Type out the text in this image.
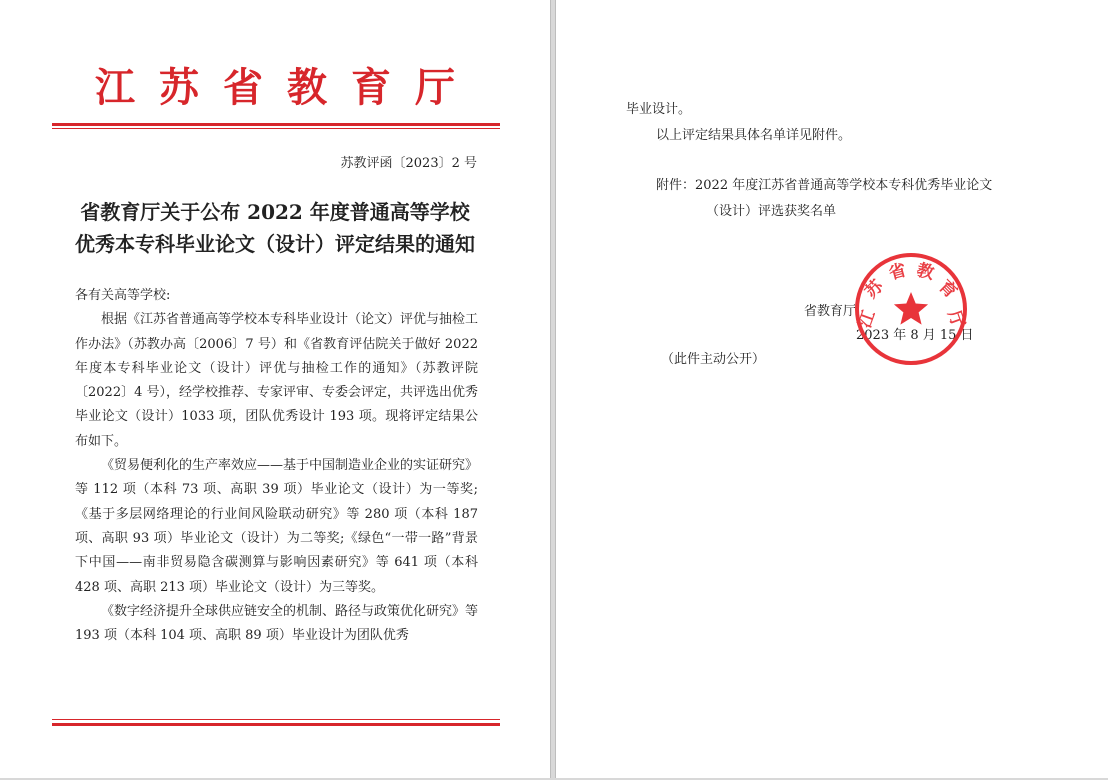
江苏省教育厅
苏教评函〔2023〕2 号
省教育厅关于公布 2022 年度普通高等学校
优秀本专科毕业论文（设计）评定结果的通知

各有关高等学校:

根据《江苏省普通高等学校本专科毕业设计（论文）评优与抽检工作办法》（苏教办高〔2006〕7 号）和《省教育评估院关于做好 2022 年度本专科毕业论文（设计）评优与抽检工作的通知》（苏教评院〔2022〕4 号），经学校推荐、专家评审、专委会评定，共评选出优秀毕业论文（设计）1033 项，团队优秀设计 193 项。现将评定结果公布如下。

《贸易便利化的生产率效应——基于中国制造业企业的实证研究》等 112 项（本科 73 项、高职 39 项）毕业论文（设计）为一等奖;《基于多层网络理论的行业间风险联动研究》等 280 项（本科 187 项、高职 93 项）毕业论文（设计）为二等奖;《绿色“一带一路”背景下中国——南非贸易隐含碳测算与影响因素研究》等 641 项（本科 428 项、高职 213 项）毕业论文（设计）为三等奖。

《数字经济提升全球供应链安全的机制、路径与政策优化研究》等 193 项（本科 104 项、高职 89 项）毕业设计为团队优秀

毕业设计。
以上评定结果具体名单详见附件。
附件：2022 年度江苏省普通高等学校本专科优秀毕业论文
（设计）评选获奖名单
省教育厅
2023 年 8 月 15 日
（此件主动公开）
江
苏
省 教
育
厅
